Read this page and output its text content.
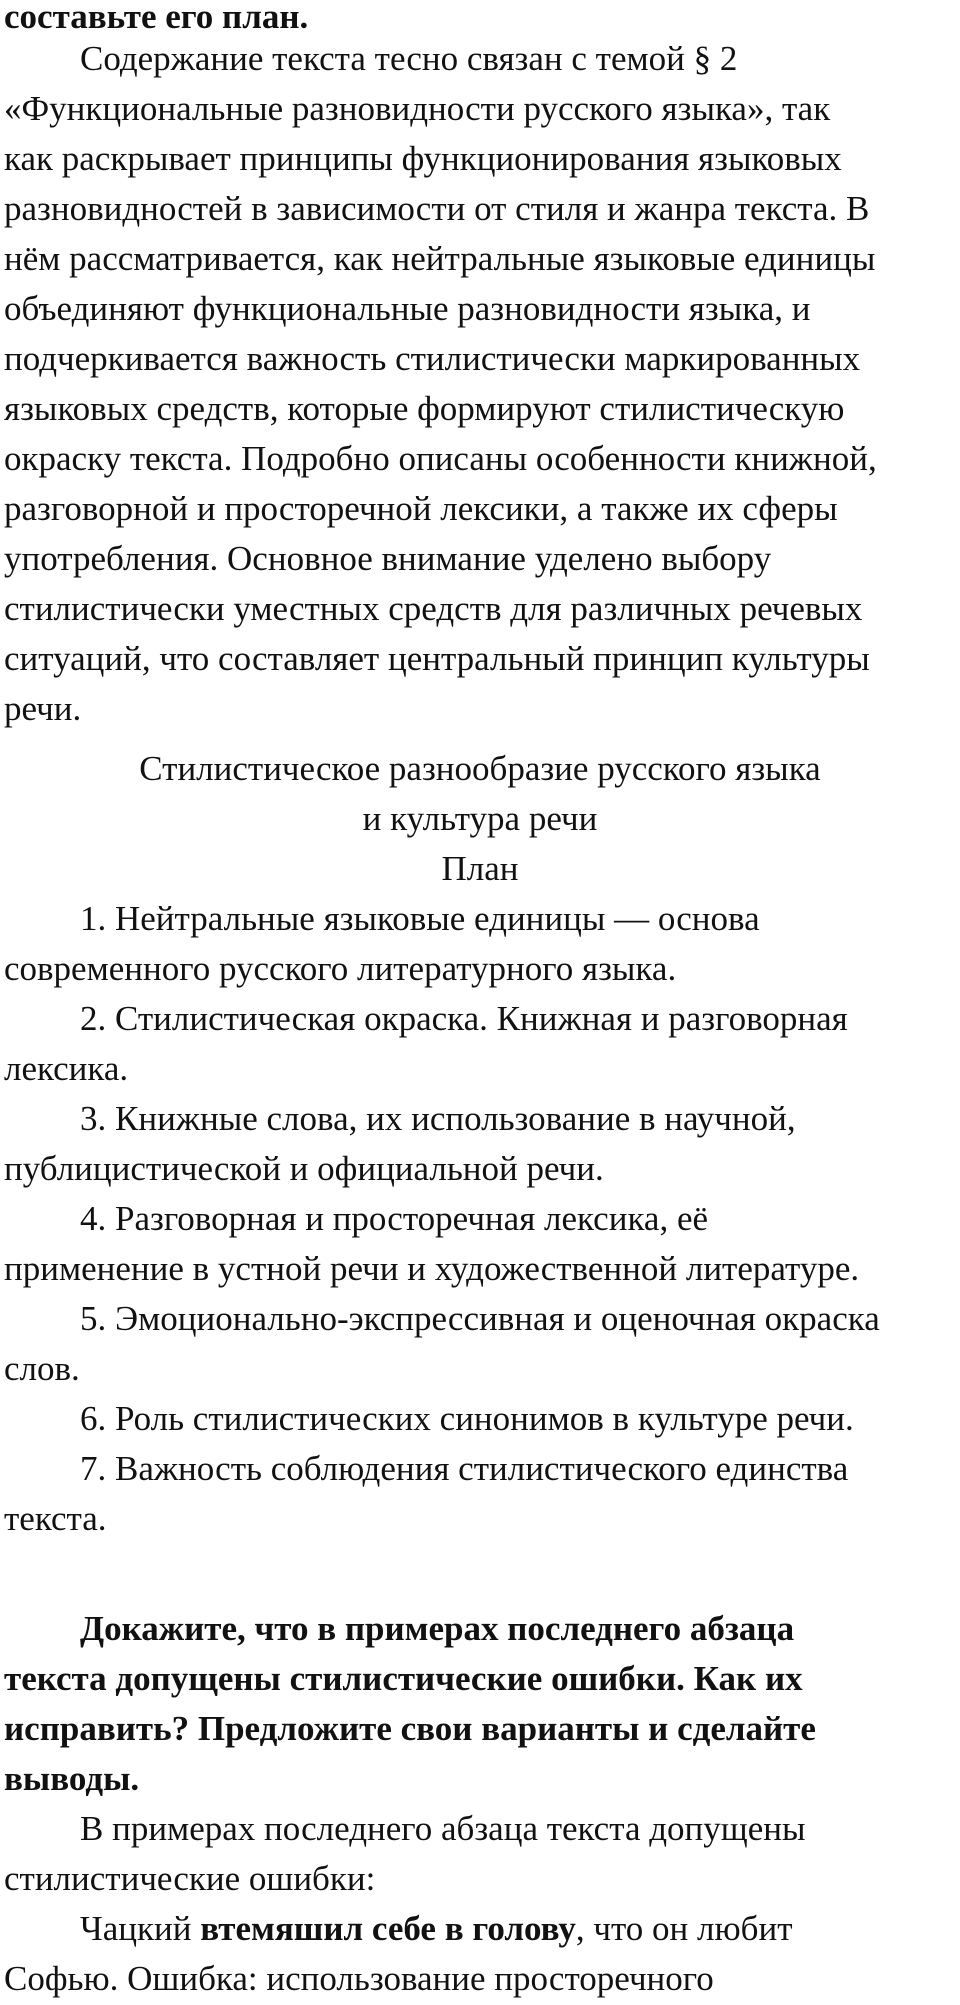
составьте его план.
Содержание текста тесно связан с темой § 2
«Функциональные разновидности русского языка», так
как раскрывает принципы функционирования языковых
разновидностей в зависимости от стиля и жанра текста. В
нём рассматривается, как нейтральные языковые единицы
объединяют функциональные разновидности языка, и
подчеркивается важность стилистически маркированных
языковых средств, которые формируют стилистическую
окраску текста. Подробно описаны особенности книжной,
разговорной и просторечной лексики, а также их сферы
употребления. Основное внимание уделено выбору
стилистически уместных средств для различных речевых
ситуаций, что составляет центральный принцип культуры
речи.
Стилистическое разнообразие русского языка
и культура речи
План
1. Нейтральные языковые единицы — основа
современного русского литературного языка.
2. Стилистическая окраска. Книжная и разговорная
лексика.
3. Книжные слова, их использование в научной,
публицистической и официальной речи.
4. Разговорная и просторечная лексика, её
применение в устной речи и художественной литературе.
5. Эмоционально-экспрессивная и оценочная окраска
слов.
6. Роль стилистических синонимов в культуре речи.
7. Важность соблюдения стилистического единства
текста.
Докажите, что в примерах последнего абзаца
текста допущены стилистические ошибки. Как их
исправить? Предложите свои варианты и сделайте
выводы.
В примерах последнего абзаца текста допущены
стилистические ошибки:
Чацкий втемяшил себе в голову, что он любит
Софью. Ошибка: использование просторечного
